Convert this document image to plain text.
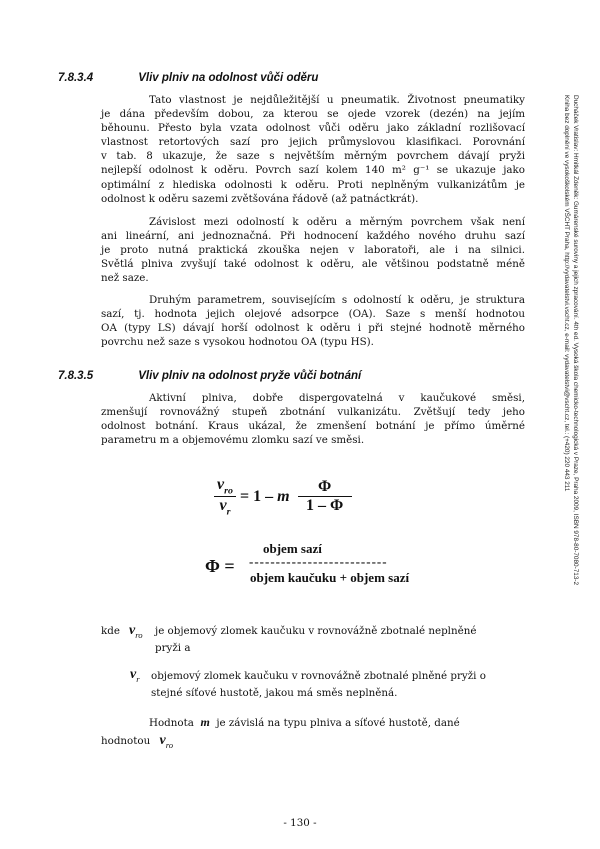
Ducháček Vratislav: Hmitkál Zdeněk: Gumárenské suroviny a jejich zpracování. 4th ed. Vysoká škola chemicko-technologická v Praze, Praha 2009, ISBN 978-80-7080-713-2
Kniha bez doplnění ve vysokoškolském VŠCHT Praha, http://vydavatelstvi.vscht.cz, e-mail: vydavatelstvi@vscht.cz, tel.: (+420) 220 443 211
7.8.3.4	Vliv plniv na odolnost vůči oděru
Tato vlastnost je nejdůležitější u pneumatik. Životnost pneumatiky
je dána především dobou, za kterou se ojede vzorek (dezén) na jejím
běhounu. Přesto byla vzata odolnost vůči oděru jako základní rozlišovací
vlastnost retortových sazí pro jejich průmyslovou klasifikaci. Porovnání
v tab. 8 ukazuje, že saze s největším měrným povrchem dávají pryži
nejlepší odolnost k oděru. Povrch sazí kolem 140 m² g⁻¹ se ukazuje jako
optimální z hlediska odolnosti k oděru. Proti neplněným vulkanizátům je
odolnost k oděru sazemi zvětšována řádově (až patnáctkrát).
Závislost mezi odolností k oděru a měrným povrchem však není
ani lineární, ani jednoznačná. Při hodnocení každého nového druhu sazí
je proto nutná praktická zkouška nejen v laboratoři, ale i na silnici.
Světlá plniva zvyšují také odolnost k oděru, ale většinou podstatně méně
než saze.
Druhým parametrem, souvisejícím s odolností k oděru, je struktura
sazí, tj. hodnota jejich olejové adsorpce (OA). Saze s menší hodnotou
OA (typy LS) dávají horší odolnost k oděru i při stejné hodnotě měrného
povrchu než saze s vysokou hodnotou OA (typu HS).
7.8.3.5	Vliv plniv na odolnost pryže vůči botnání
Aktivní plniva, dobře dispergovatelná v kaučukové směsi,
zmenšují rovnovážný stupeň zbotnání vulkanizátu. Zvětšují tedy jeho
odolnost botnání. Kraus ukázal, že zmenšení botnání je přímo úměrné
parametru m a objemovému zlomku sazí ve směsi.
$\frac{v_{ro}}{v_r} = 1 - m \frac{\Phi}{1 - \Phi}$
Φ =
objem sazí
--------------------------
objem kaučuku + objem sazí
kde $v_{ro}$ je objemový zlomek kaučuku v rovnovážně zbotnalé neplněné
pryži a
$v_r$ objemový zlomek kaučuku v rovnovážně zbotnalé plněné pryži o
stejné síťové hustotě, jakou má směs neplněná.
Hodnota m je závislá na typu plniva a síťové hustotě, dané
hodnotou $v_{ro}$
- 130 -
